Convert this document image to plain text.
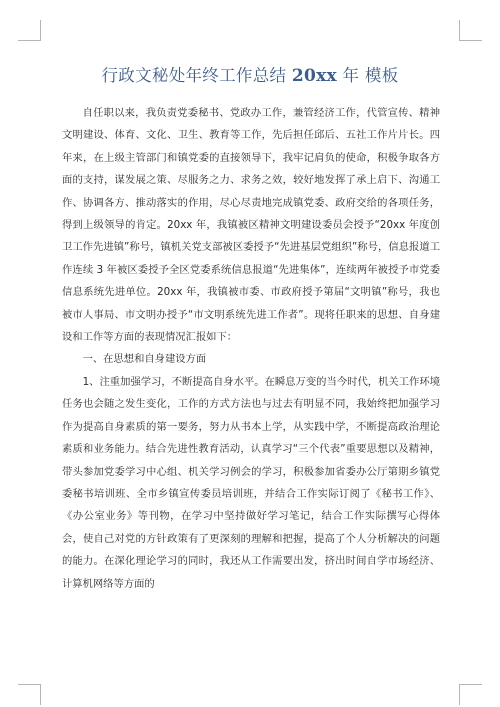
行政文秘处年终工作总结 20xx 年 模板

自任职以来，我负责党委秘书、党政办工作，兼管经济工作，代管宣传、精神文明建设、体育、文化、卫生、教育等工作，先后担任邱后、五社工作片片长。四年来，在上级主管部门和镇党委的直接领导下，我牢记肩负的使命，积极争取各方面的支持，谋发展之策、尽服务之力、求务之效，较好地发挥了承上启下、沟通工作、协调各方、推动落实的作用，尽心尽责地完成镇党委、政府交给的各项任务，得到上级领导的肯定。20xx 年，我镇被区精神文明建设委员会授予“20xx 年度创卫工作先进镇”称号，镇机关党支部被区委授予“先进基层党组织”称号，信息报道工作连续 3 年被区委授予全区党委系统信息报道“先进集体”，连续两年被授予市党委信息系统先进单位。20xx 年，我镇被市委、市政府授予第届“文明镇”称号，我也被市人事局、市文明办授予“市文明系统先进工作者”。现将任职来的思想、自身建设和工作等方面的表现情况汇报如下：

一、在思想和自身建设方面

1、注重加强学习，不断提高自身水平。在瞬息万变的当今时代，机关工作环境任务也会随之发生变化，工作的方式方法也与过去有明显不同，我始终把加强学习作为提高自身素质的第一要务，努力从书本上学，从实践中学，不断提高政治理论素质和业务能力。结合先进性教育活动，认真学习“三个代表”重要思想以及精神，带头参加党委学习中心组、机关学习例会的学习，积极参加省委办公厅第期乡镇党委秘书培训班、全市乡镇宣传委员培训班，并结合工作实际订阅了《秘书工作》、《办公室业务》等刊物，在学习中坚持做好学习笔记，结合工作实际撰写心得体会，使自己对党的方针政策有了更深刻的理解和把握，提高了个人分析解决的问题的能力。在深化理论学习的同时，我还从工作需要出发，挤出时间自学市场经济、计算机网络等方面的
